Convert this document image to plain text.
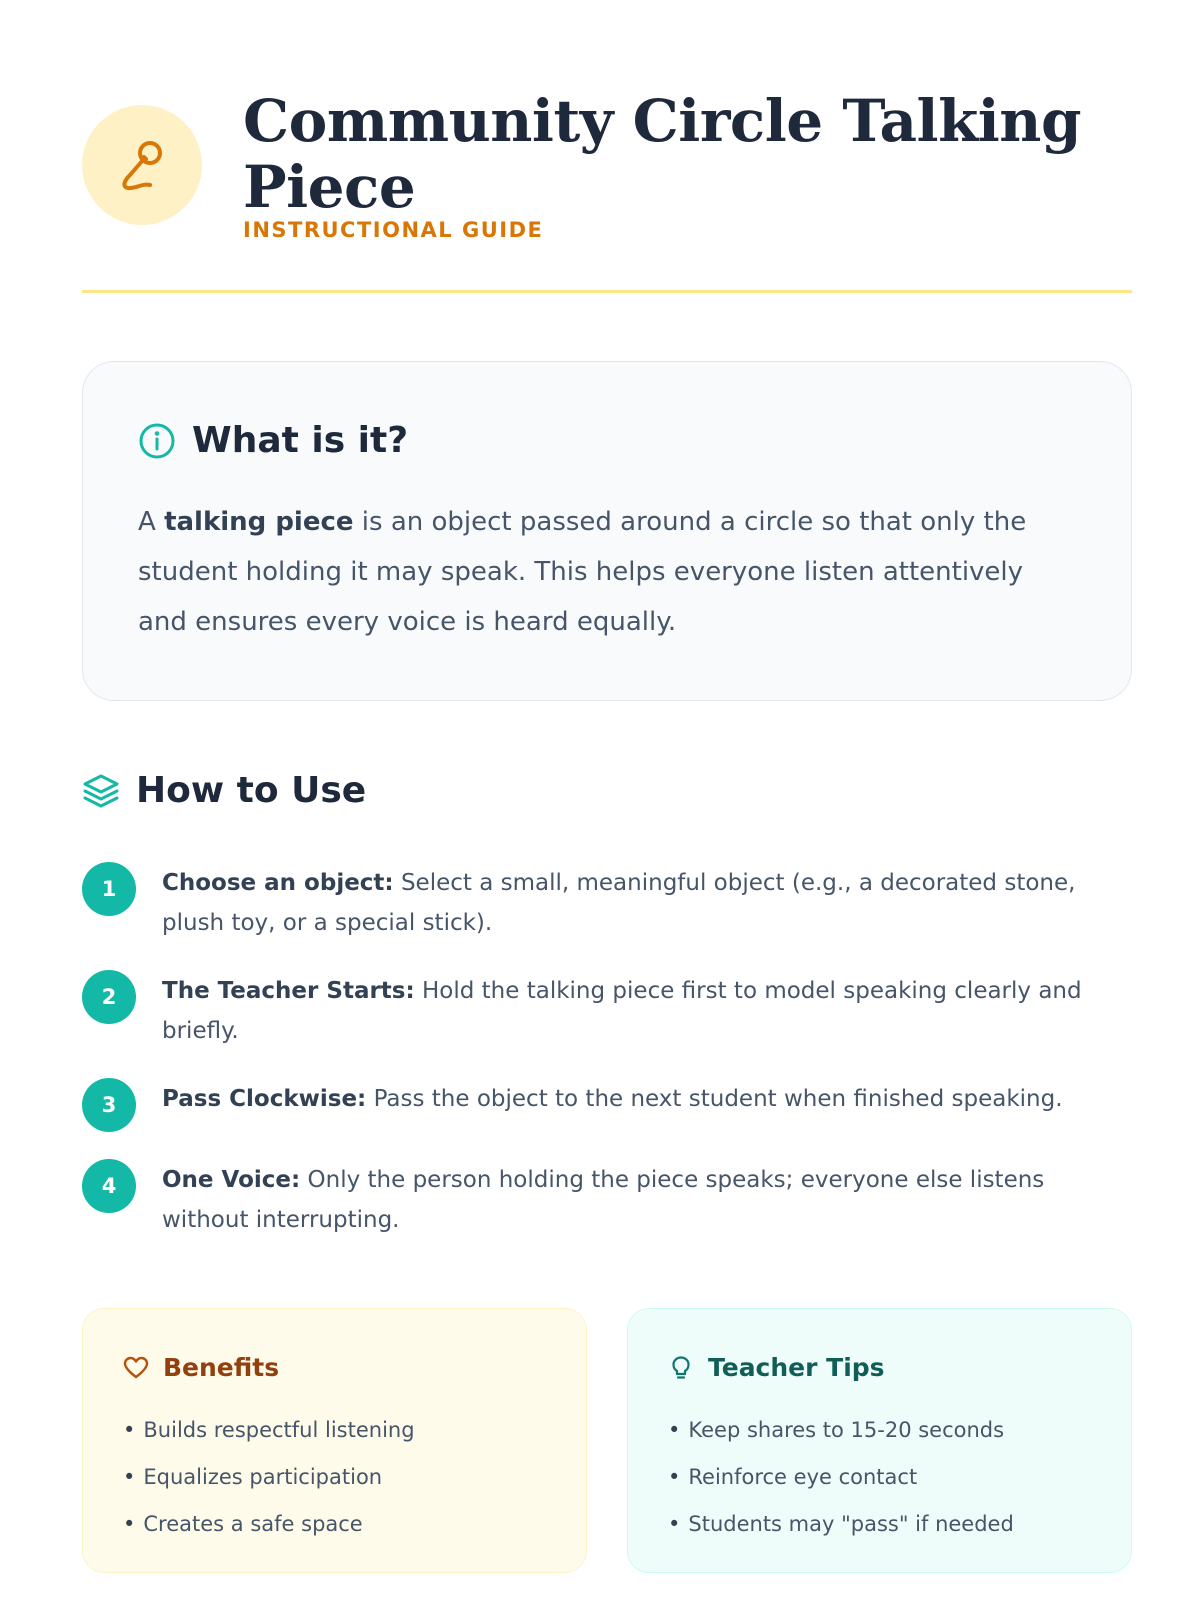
Community Circle Talking Piece
INSTRUCTIONAL GUIDE
What is it?

A talking piece is an object passed around a circle so that only the student holding it may speak. This helps everyone listen attentively and ensures every voice is heard equally.

How to Use
1	Choose an object: Select a small, meaningful object (e.g., a decorated stone, plush toy, or a special stick).

2	The Teacher Starts: Hold the talking piece first to model speaking clearly and briefly.

3	Pass Clockwise: Pass the object to the next student when finished speaking.

4	One Voice: Only the person holding the piece speaks; everyone else listens without interrupting.

Benefits
• Builds respectful listening
• Equalizes participation
• Creates a safe space
Teacher Tips
• Keep shares to 15-20 seconds
• Reinforce eye contact
• Students may "pass" if needed
